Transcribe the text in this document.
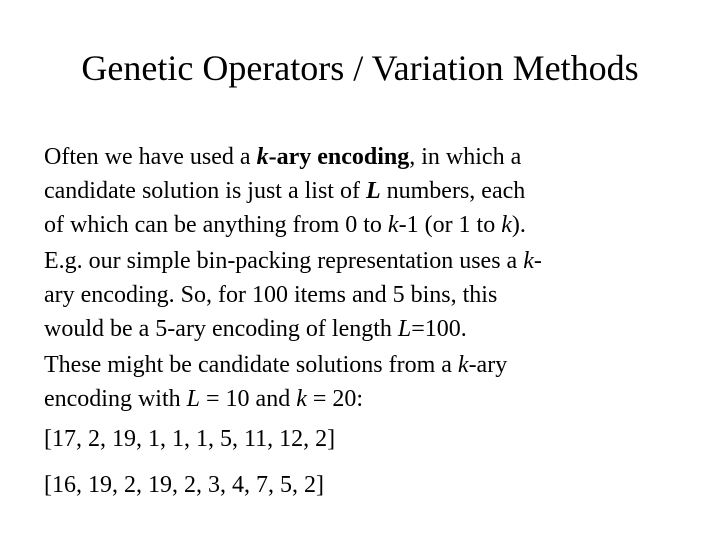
Genetic Operators / Variation Methods

Often we have used a k-ary encoding, in which a
candidate solution is just a list of L numbers, each
of which can be anything from 0 to k-1 (or 1 to k).

E.g. our simple bin-packing representation uses a k-
ary encoding. So, for 100 items and 5 bins, this
would be a 5-ary encoding of length L=100.

These might be candidate solutions from a k-ary
encoding with L = 10 and k = 20:

[17, 2, 19, 1, 1, 1, 5, 11, 12, 2]
[16, 19, 2, 19, 2, 3, 4, 7, 5, 2]
